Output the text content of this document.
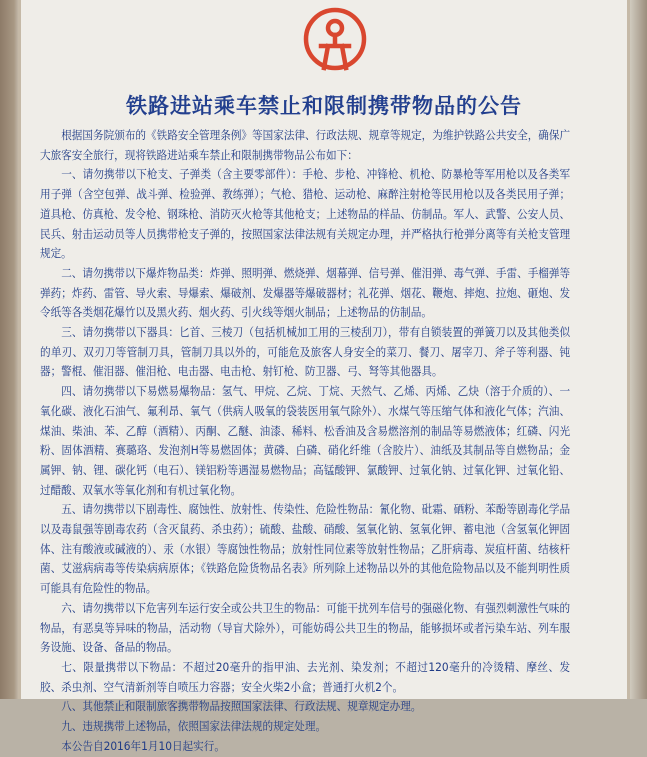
铁路进站乘车禁止和限制携带物品的公告

根据国务院颁布的《铁路安全管理条例》等国家法律、行政法规、规章等规定，为维护铁路公共安全，确保广大旅客安全旅行，现将铁路进站乘车禁止和限制携带物品公布如下：

一、请勿携带以下枪支、子弹类（含主要零部件）：手枪、步枪、冲锋枪、机枪、防暴枪等军用枪以及各类军用子弹（含空包弹、战斗弹、检验弹、教练弹）；气枪、猎枪、运动枪、麻醉注射枪等民用枪以及各类民用子弹；道具枪、仿真枪、发令枪、钢珠枪、消防灭火枪等其他枪支；上述物品的样品、仿制品。军人、武警、公安人员、民兵、射击运动员等人员携带枪支子弹的，按照国家法律法规有关规定办理，并严格执行枪弹分离等有关枪支管理规定。

二、请勿携带以下爆炸物品类：炸弹、照明弹、燃烧弹、烟幕弹、信号弹、催泪弹、毒气弹、手雷、手榴弹等弹药；炸药、雷管、导火索、导爆索、爆破剂、发爆器等爆破器材；礼花弹、烟花、鞭炮、摔炮、拉炮、砸炮、发令纸等各类烟花爆竹以及黑火药、烟火药、引火线等烟火制品；上述物品的仿制品。

三、请勿携带以下器具：匕首、三棱刀（包括机械加工用的三棱刮刀），带有自锁装置的弹簧刀以及其他类似的单刃、双刃刀等管制刀具，管制刀具以外的，可能危及旅客人身安全的菜刀、餐刀、屠宰刀、斧子等利器、钝器；警棍、催泪器、催泪枪、电击器、电击枪、射钉枪、防卫器、弓、弩等其他器具。

四、请勿携带以下易燃易爆物品：氢气、甲烷、乙烷、丁烷、天然气、乙烯、丙烯、乙炔（溶于介质的）、一氧化碳、液化石油气、氟利昂、氧气（供病人吸氧的袋装医用氧气除外）、水煤气等压缩气体和液化气体；汽油、煤油、柴油、苯、乙醇（酒精）、丙酮、乙醚、油漆、稀料、松香油及含易燃溶剂的制品等易燃液体；红磷、闪光粉、固体酒精、赛璐珞、发泡剂H等易燃固体；黄磷、白磷、硝化纤维（含胶片）、油纸及其制品等自燃物品；金属钾、钠、锂、碳化钙（电石）、镁铝粉等遇湿易燃物品；高锰酸钾、氯酸钾、过氧化钠、过氧化钾、过氧化铅、过醋酸、双氧水等氧化剂和有机过氧化物。

五、请勿携带以下剧毒性、腐蚀性、放射性、传染性、危险性物品：氰化物、砒霜、硒粉、苯酚等剧毒化学品以及毒鼠强等剧毒农药（含灭鼠药、杀虫药）；硫酸、盐酸、硝酸、氢氧化钠、氢氧化钾、蓄电池（含氢氧化钾固体、注有酸液或碱液的）、汞（水银）等腐蚀性物品；放射性同位素等放射性物品；乙肝病毒、炭疽杆菌、结核杆菌、艾滋病病毒等传染病病原体；《铁路危险货物品名表》所列除上述物品以外的其他危险物品以及不能判明性质可能具有危险性的物品。

六、请勿携带以下危害列车运行安全或公共卫生的物品：可能干扰列车信号的强磁化物、有强烈刺激性气味的物品，有恶臭等异味的物品，活动物（导盲犬除外），可能妨碍公共卫生的物品，能够损坏或者污染车站、列车服务设施、设备、备品的物品。

七、限量携带以下物品：不超过20毫升的指甲油、去光剂、染发剂；不超过120毫升的冷烫精、摩丝、发胶、杀虫剂、空气清新剂等自喷压力容器；安全火柴2小盒；普通打火机2个。

八、其他禁止和限制旅客携带物品按照国家法律、行政法规、规章规定办理。

九、违规携带上述物品，依照国家法律法规的规定处理。

本公告自2016年1月10日起实行。
